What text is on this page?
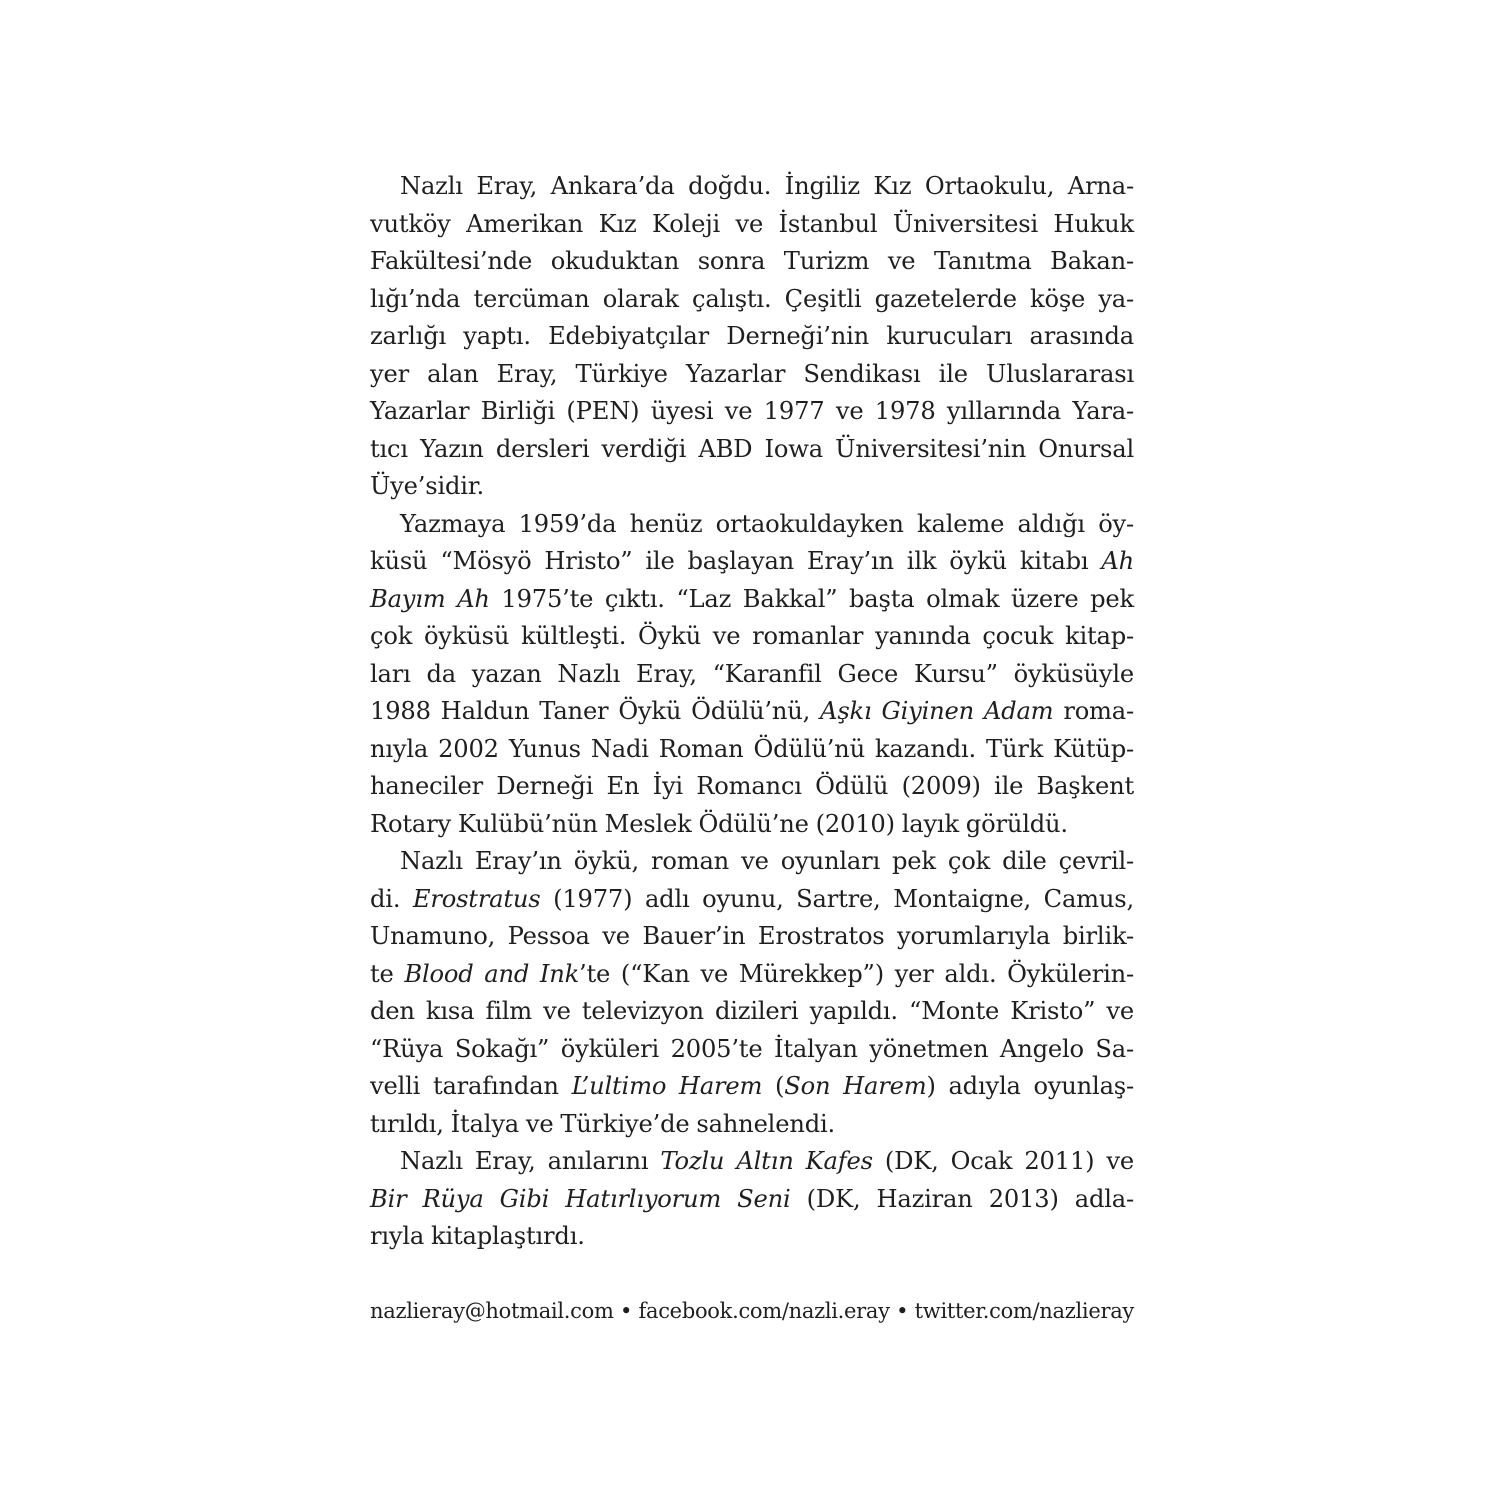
Nazlı Eray, Ankara’da doğdu. İngiliz Kız Ortaokulu, Arna-
vutköy Amerikan Kız Koleji ve İstanbul Üniversitesi Hukuk
Fakültesi’nde okuduktan sonra Turizm ve Tanıtma Bakan-
lığı’nda tercüman olarak çalıştı. Çeşitli gazetelerde köşe ya-
zarlığı yaptı. Edebiyatçılar Derneği’nin kurucuları arasında
yer alan Eray, Türkiye Yazarlar Sendikası ile Uluslararası
Yazarlar Birliği (PEN) üyesi ve 1977 ve 1978 yıllarında Yara-
tıcı Yazın dersleri verdiği ABD Iowa Üniversitesi’nin Onursal
Üye’sidir.
Yazmaya 1959’da henüz ortaokuldayken kaleme aldığı öy-
küsü “Mösyö Hristo” ile başlayan Eray’ın ilk öykü kitabı Ah
Bayım Ah 1975’te çıktı. “Laz Bakkal” başta olmak üzere pek
çok öyküsü kültleşti. Öykü ve romanlar yanında çocuk kitap-
ları da yazan Nazlı Eray, “Karanfil Gece Kursu” öyküsüyle
1988 Haldun Taner Öykü Ödülü’nü, Aşkı Giyinen Adam roma-
nıyla 2002 Yunus Nadi Roman Ödülü’nü kazandı. Türk Kütüp-
haneciler Derneği En İyi Romancı Ödülü (2009) ile Başkent
Rotary Kulübü’nün Meslek Ödülü’ne (2010) layık görüldü.
Nazlı Eray’ın öykü, roman ve oyunları pek çok dile çevril-
di. Erostratus (1977) adlı oyunu, Sartre, Montaigne, Camus,
Unamuno, Pessoa ve Bauer’in Erostratos yorumlarıyla birlik-
te Blood and Ink’te (“Kan ve Mürekkep”) yer aldı. Öykülerin-
den kısa film ve televizyon dizileri yapıldı. “Monte Kristo” ve
“Rüya Sokağı” öyküleri 2005’te İtalyan yönetmen Angelo Sa-
velli tarafından L’ultimo Harem (Son Harem) adıyla oyunlaş-
tırıldı, İtalya ve Türkiye’de sahnelendi.
Nazlı Eray, anılarını Tozlu Altın Kafes (DK, Ocak 2011) ve
Bir Rüya Gibi Hatırlıyorum Seni (DK, Haziran 2013) adla-
rıyla kitaplaştırdı.
nazlieray@hotmail.com • facebook.com/nazli.eray • twitter.com/nazlieray
